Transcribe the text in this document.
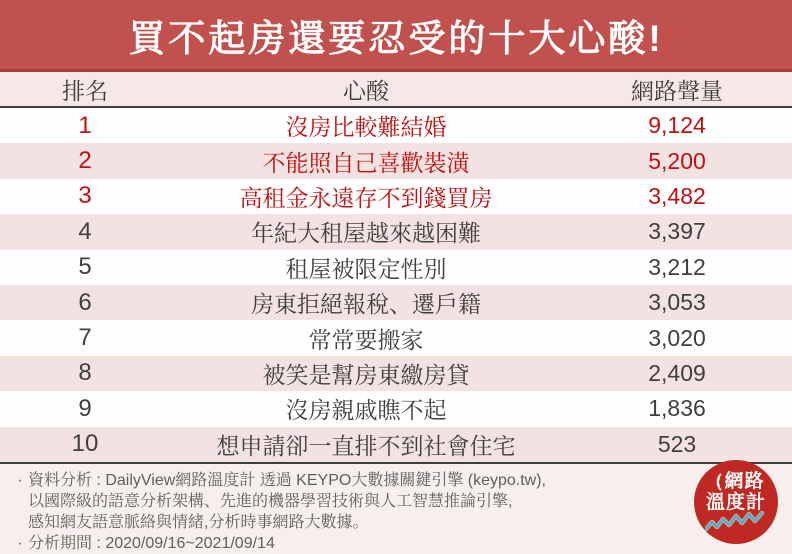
買不起房還要忍受的十大心酸!
排名	心酸	網路聲量
1	沒房比較難結婚	9,124
2	不能照自己喜歡裝潢	5,200
3	高租金永遠存不到錢買房	3,482
4	年紀大租屋越來越困難	3,397
5	租屋被限定性別	3,212
6	房東拒絕報稅、遷戶籍	3,053
7	常常要搬家	3,020
8	被笑是幫房東繳房貸	2,409
9	沒房親戚瞧不起	1,836
10	想申請卻一直排不到社會住宅	523
· 資料分析 : DailyView網路溫度計 透過 KEYPO大數據關鍵引擎 (keypo.tw),
以國際級的語意分析架構、先進的機器學習技術與人工智慧推論引擎,
感知網友語意脈絡與情緒,分析時事網路大數據。
· 分析期間 : 2020/09/16~2021/09/14
網路
溫度計
